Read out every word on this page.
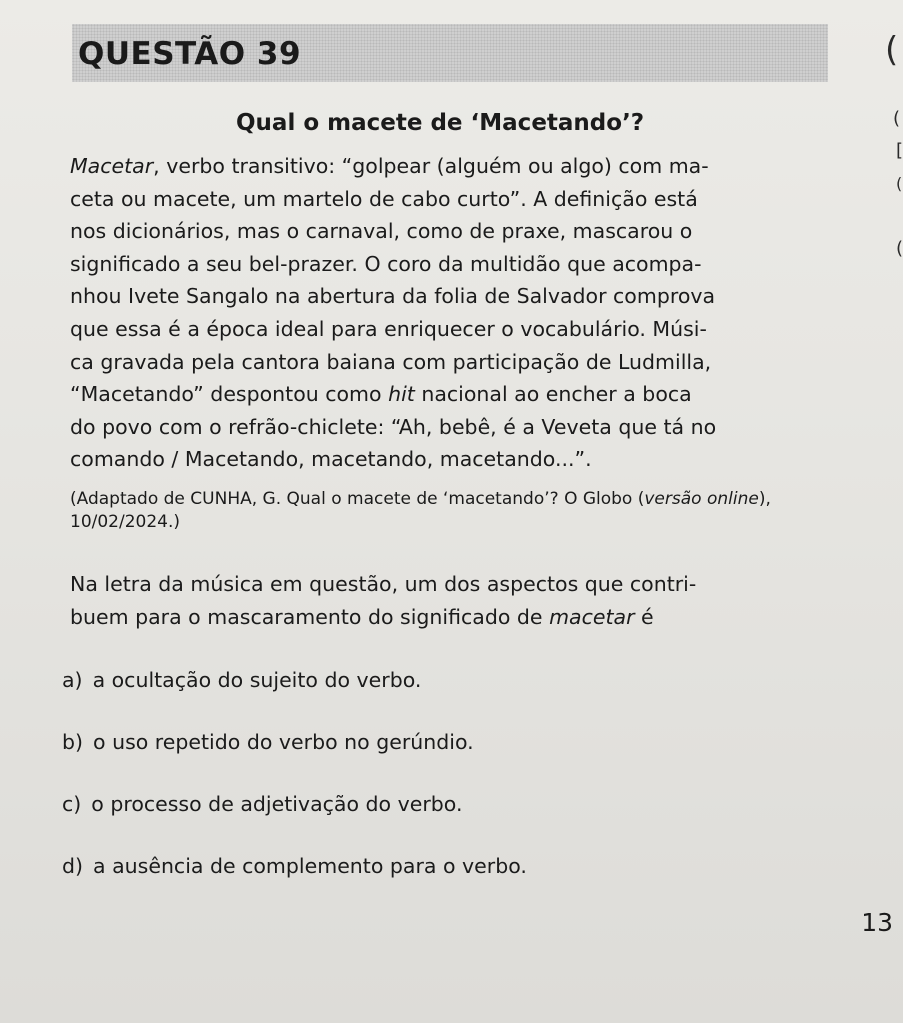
QUESTÃO 39	(
(
[
(
(
Qual o macete de ‘Macetando’?
Macetar, verbo transitivo: “golpear (alguém ou algo) com ma-
ceta ou macete, um martelo de cabo curto”. A definição está
nos dicionários, mas o carnaval, como de praxe, mascarou o
significado a seu bel-prazer. O coro da multidão que acompa-
nhou Ivete Sangalo na abertura da folia de Salvador comprova
que essa é a época ideal para enriquecer o vocabulário. Músi-
ca gravada pela cantora baiana com participação de Ludmilla,
“Macetando” despontou como hit nacional ao encher a boca
do povo com o refrão-chiclete: “Ah, bebê, é a Veveta que tá no
comando / Macetando, macetando, macetando...”.
(Adaptado de CUNHA, G. Qual o macete de ‘macetando’? O Globo (versão online),
10/02/2024.)
Na letra da música em questão, um dos aspectos que contri-
buem para o mascaramento do significado de macetar é
a) a ocultação do sujeito do verbo.
b) o uso repetido do verbo no gerúndio.
c) o processo de adjetivação do verbo.
d) a ausência de complemento para o verbo.
13
